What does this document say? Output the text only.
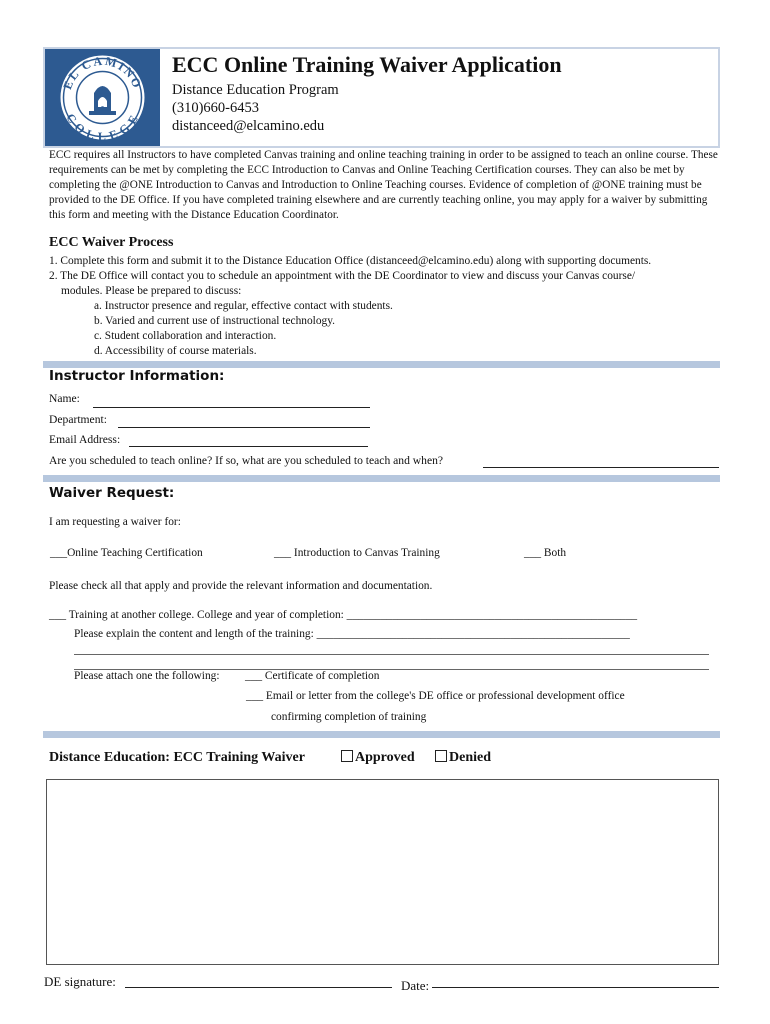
EL CAMINO
COLLEGE
ECC Online Training Waiver Application
Distance Education Program
(310)660-6453
distanceed@elcamino.edu
ECC requires all Instructors to have completed Canvas training and online teaching training in order to be assigned to teach an online course. These requirements can be met by completing the ECC Introduction to Canvas and Online Teaching Certification courses. They can also be met by completing the @ONE Introduction to Canvas and Introduction to Online Teaching courses. Evidence of completion of @ONE training must be provided to the DE Office. If you have completed training elsewhere and are currently teaching online, you may apply for a waiver by submitting this form and meeting with the Distance Education Coordinator.
ECC Waiver Process
1. Complete this form and submit it to the Distance Education Office (distanceed@elcamino.edu) along with supporting documents.
2. The DE Office will contact you to schedule an appointment with the DE Coordinator to view and discuss your Canvas course/
modules. Please be prepared to discuss:
a. Instructor presence and regular, effective contact with students.
b. Varied and current use of instructional technology.
c. Student collaboration and interaction.
d. Accessibility of course materials.
Instructor Information:
Name:
Department:
Email Address:
Are you scheduled to teach online? If so, what are you scheduled to teach and when?
Waiver Request:
I am requesting a waiver for:
___Online Teaching Certification	___ Introduction to Canvas Training	___ Both
Please check all that apply and provide the relevant information and documentation.
___ Training at another college. College and year of completion: ___________________________________________________
Please explain the content and length of the training: _______________________________________________________
Please attach one the following: ___ Certificate of completion
___ Email or letter from the college's DE office or professional development office
confirming completion of training
Distance Education: ECC Training Waiver	Approved	Denied
DE signature:	Date:
